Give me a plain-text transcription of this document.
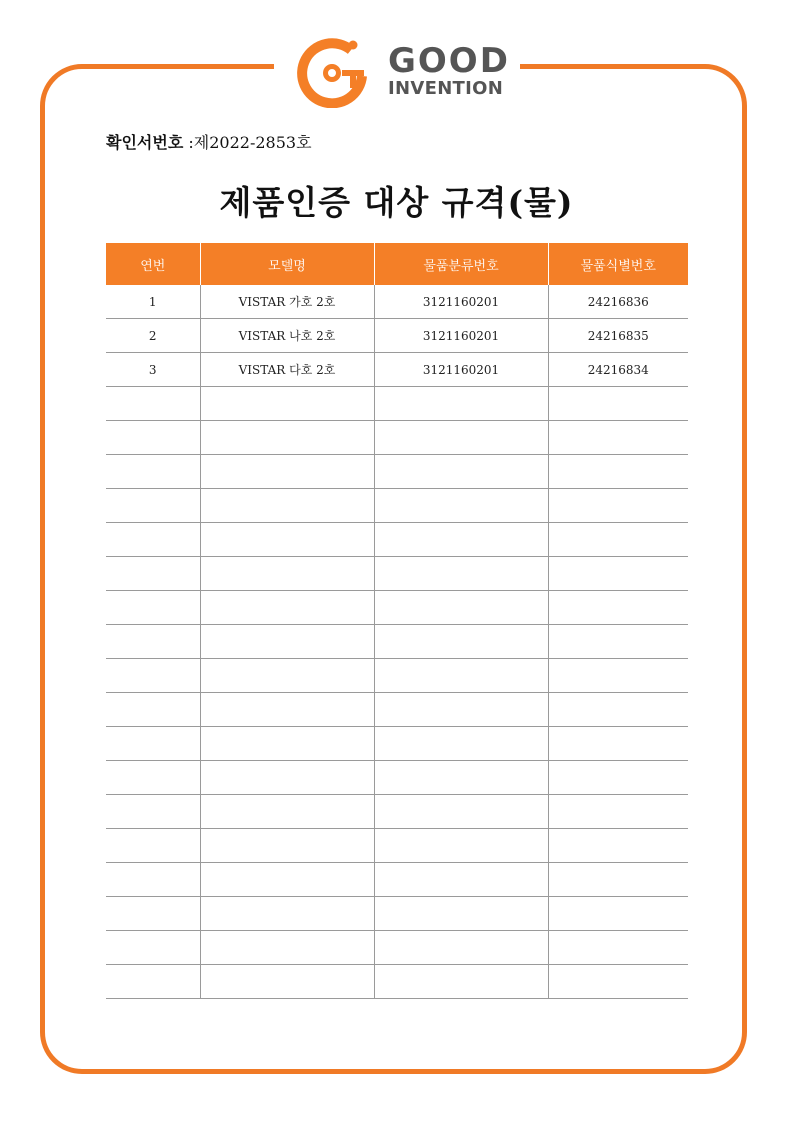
GOOD
INVENTION
확인서번호 :제2022-2853호
제품인증 대상 규격(물)
연번	모델명	물품분류번호	물품식별번호
1	VISTAR 가호 2호	3121160201	24216836
2	VISTAR 나호 2호	3121160201	24216835
3	VISTAR 다호 2호	3121160201	24216834
